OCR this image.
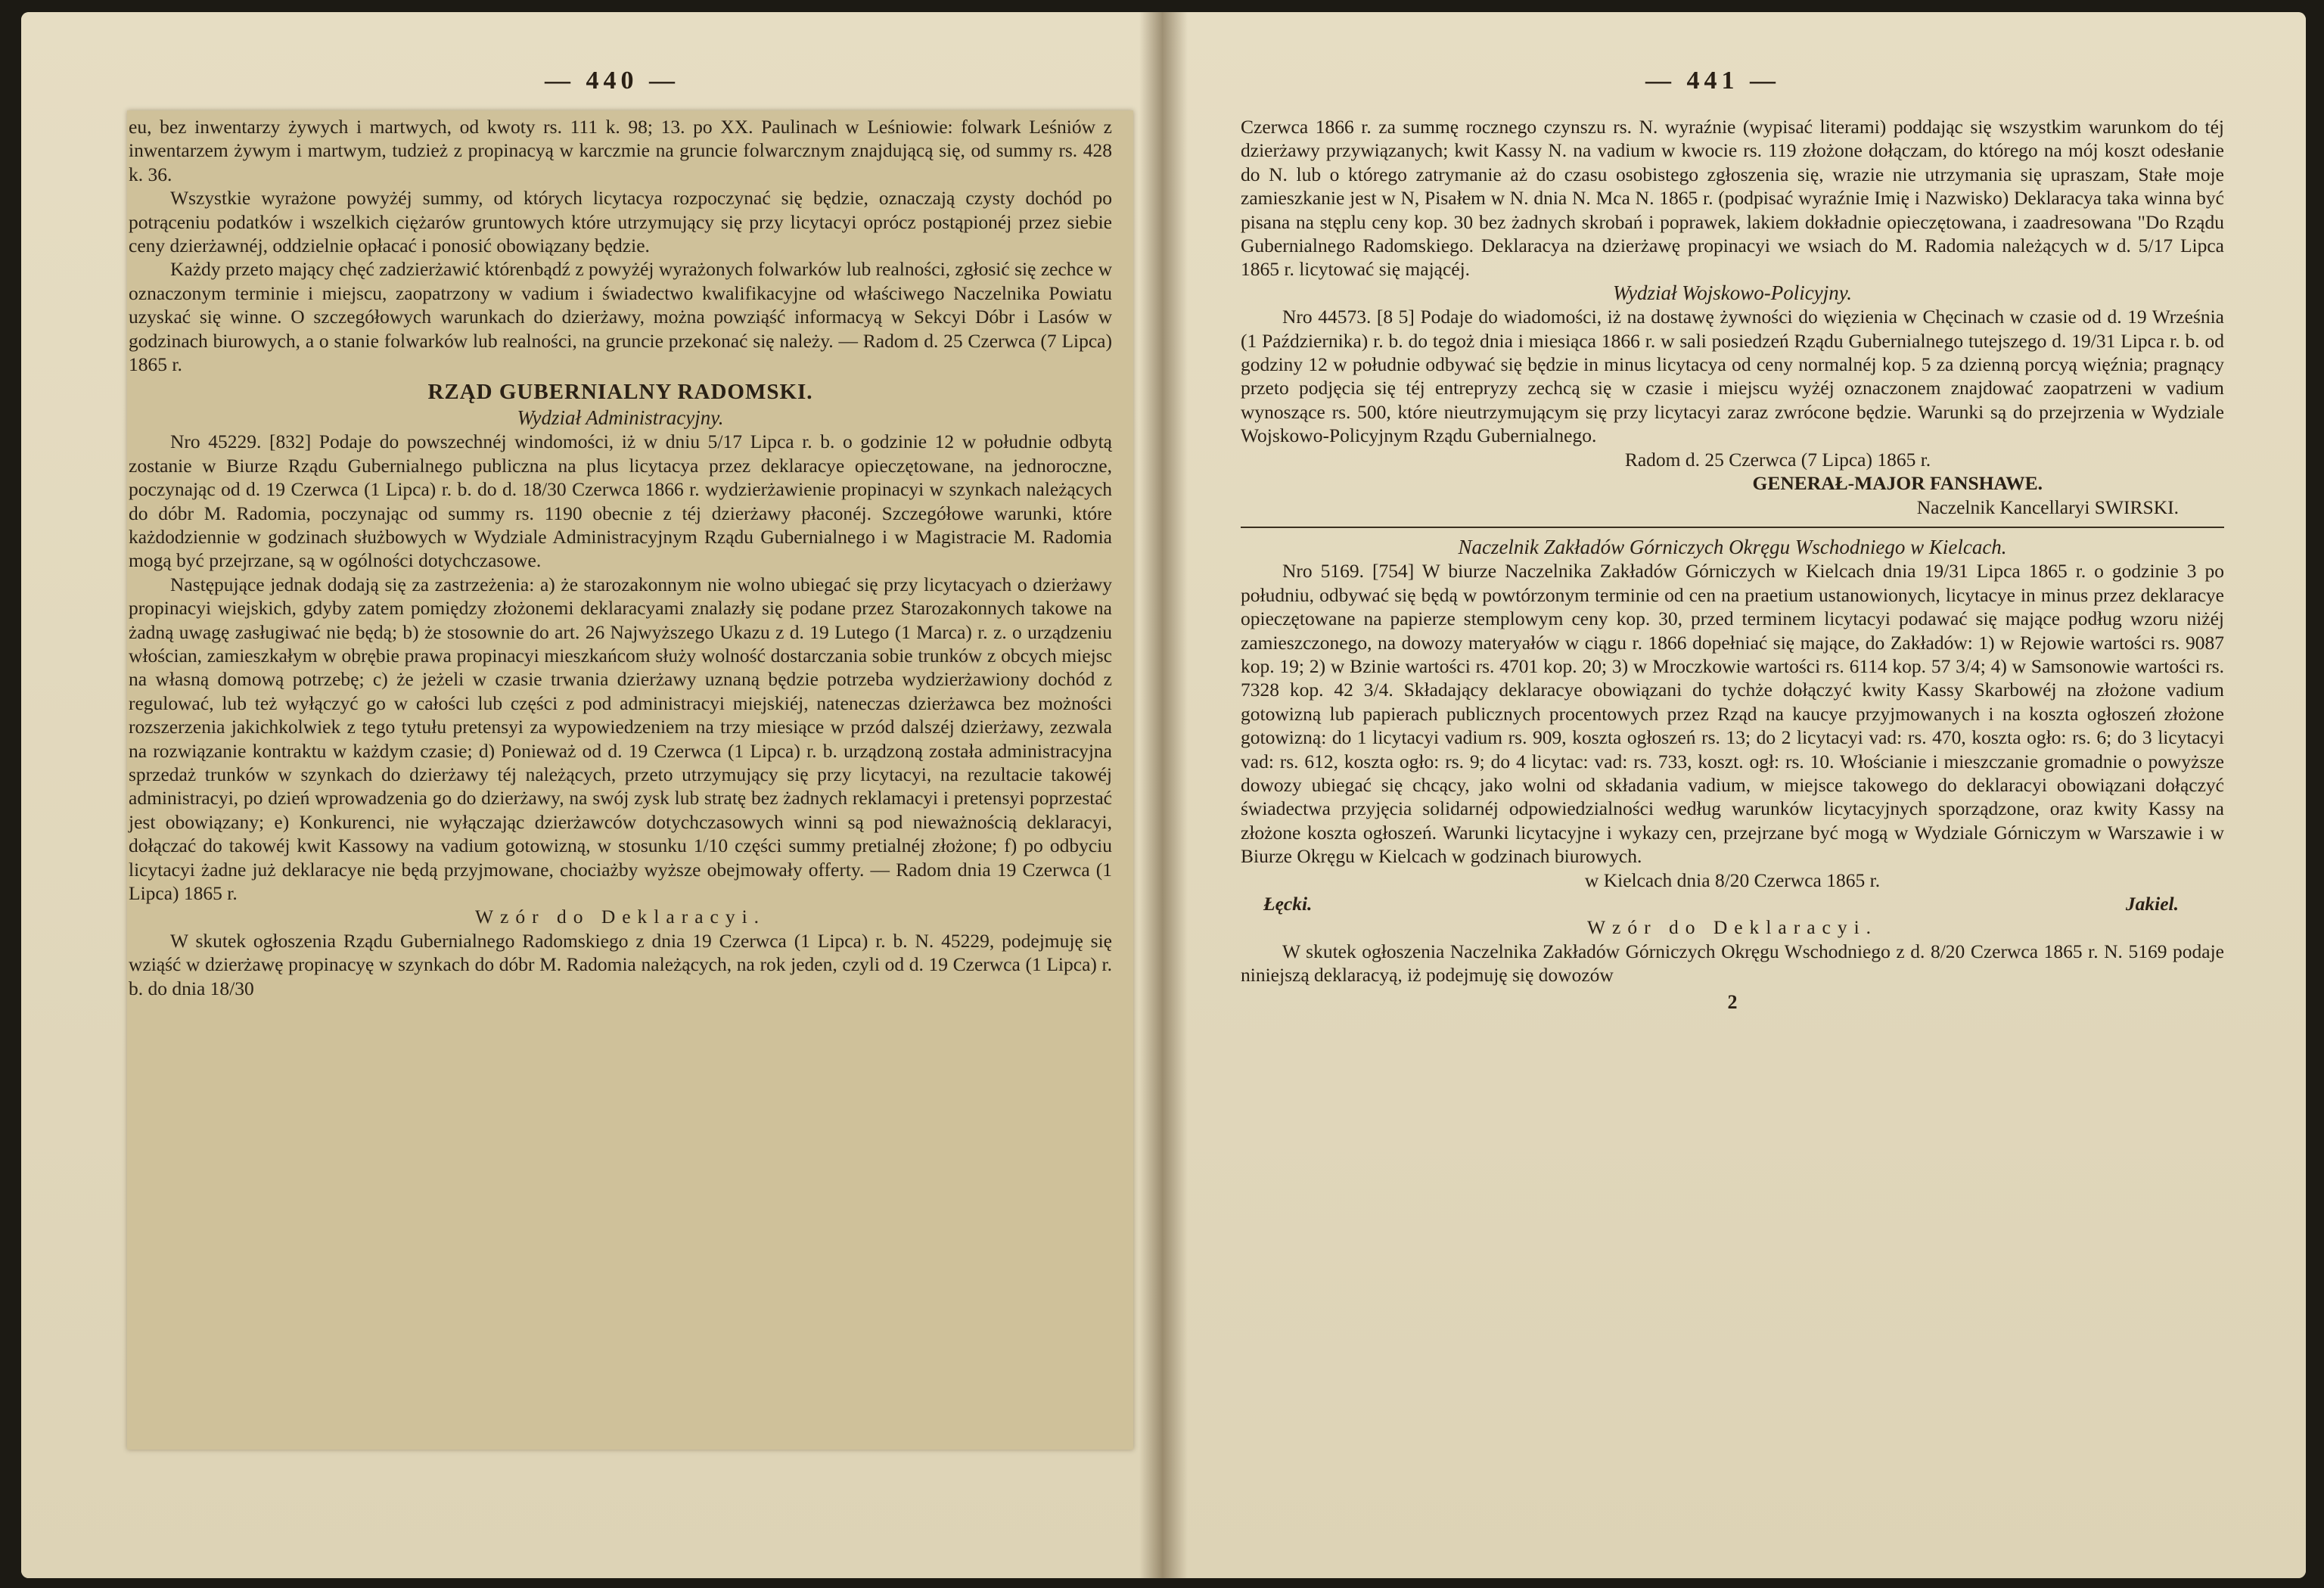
— 440 —	— 441 —

eu, bez inwentarzy żywych i martwych, od kwoty rs. 111 k. 98; 13. po XX. Paulinach w Leśniowie: folwark Leśniów z inwentarzem żywym i martwym, tudzież z propinacyą w karczmie na gruncie folwarcznym znajdującą się, od summy rs. 428 k. 36.

Wszystkie wyrażone powyżéj summy, od których licytacya rozpoczynać się będzie, oznaczają czysty dochód po potrąceniu podatków i wszelkich ciężarów gruntowych które utrzymujący się przy licytacyi oprócz postąpionéj przez siebie ceny dzierżawnéj, oddzielnie opłacać i ponosić obowiązany będzie.

Każdy przeto mający chęć zadzierżawić którenbądź z powyżéj wyrażonych folwarków lub realności, zgłosić się zechce w oznaczonym terminie i miejscu, zaopatrzony w vadium i świadectwo kwalifikacyjne od właściwego Naczelnika Powiatu uzyskać się winne. O szczegółowych warunkach do dzierżawy, można powziąść informacyą w Sekcyi Dóbr i Lasów w godzinach biurowych, a o stanie folwarków lub realności, na gruncie przekonać się należy. — Radom d. 25 Czerwca (7 Lipca) 1865 r.

RZĄD GUBERNIALNY RADOMSKI.
Wydział Administracyjny.

Nro 45229. [832] Podaje do powszechnéj windomości, iż w dniu 5/17 Lipca r. b. o godzinie 12 w południe odbytą zostanie w Biurze Rządu Gubernialnego publiczna na plus licytacya przez deklaracye opieczętowane, na jednoroczne, poczynając od d. 19 Czerwca (1 Lipca) r. b. do d. 18/30 Czerwca 1866 r. wydzierżawienie propinacyi w szynkach należących do dóbr M. Radomia, poczynając od summy rs. 1190 obecnie z téj dzierżawy płaconéj. Szczegółowe warunki, które każdodziennie w godzinach służbowych w Wydziale Administracyjnym Rządu Gubernialnego i w Magistracie M. Radomia mogą być przejrzane, są w ogólności dotychczasowe.

Następujące jednak dodają się za zastrzeżenia: a) że starozakonnym nie wolno ubiegać się przy licytacyach o dzierżawy propinacyi wiejskich, gdyby zatem pomiędzy złożonemi deklaracyami znalazły się podane przez Starozakonnych takowe na żadną uwagę zasługiwać nie będą; b) że stosownie do art. 26 Najwyższego Ukazu z d. 19 Lutego (1 Marca) r. z. o urządzeniu włościan, zamieszkałym w obrębie prawa propinacyi mieszkańcom służy wolność dostarczania sobie trunków z obcych miejsc na własną domową potrzebę; c) że jeżeli w czasie trwania dzierżawy uznaną będzie potrzeba wydzierżawiony dochód z regulować, lub też wyłączyć go w całości lub części z pod administracyi miejskiéj, nateneczas dzierżawca bez możności rozszerzenia jakichkolwiek z tego tytułu pretensyi za wypowiedzeniem na trzy miesiące w przód dalszéj dzierżawy, zezwala na rozwiązanie kontraktu w każdym czasie; d) Ponieważ od d. 19 Czerwca (1 Lipca) r. b. urządzoną została administracyjna sprzedaż trunków w szynkach do dzierżawy téj należących, przeto utrzymujący się przy licytacyi, na rezultacie takowéj administracyi, po dzień wprowadzenia go do dzierżawy, na swój zysk lub stratę bez żadnych reklamacyi i pretensyi poprzestać jest obowiązany; e) Konkurenci, nie wyłączając dzierżawców dotychczasowych winni są pod nieważnością deklaracyi, dołączać do takowéj kwit Kassowy na vadium gotowizną, w stosunku 1/10 części summy pretialnéj złożone; f) po odbyciu licytacyi żadne już deklaracye nie będą przyjmowane, chociażby wyższe obejmowały offerty. — Radom dnia 19 Czerwca (1 Lipca) 1865 r.

Wzór do Deklaracyi.

W skutek ogłoszenia Rządu Gubernialnego Radomskiego z dnia 19 Czerwca (1 Lipca) r. b. N. 45229, podejmuję się wziąść w dzierżawę propinacyę w szynkach do dóbr M. Radomia należących, na rok jeden, czyli od d. 19 Czerwca (1 Lipca) r. b. do dnia 18/30

Czerwca 1866 r. za summę rocznego czynszu rs. N. wyraźnie (wypisać literami) poddając się wszystkim warunkom do téj dzierżawy przywiązanych; kwit Kassy N. na vadium w kwocie rs. 119 złożone dołączam, do którego na mój koszt odesłanie do N. lub o którego zatrymanie aż do czasu osobistego zgłoszenia się, wrazie nie utrzymania się upraszam, Stałe moje zamieszkanie jest w N, Pisałem w N. dnia N. Mca N. 1865 r. (podpisać wyraźnie Imię i Nazwisko) Deklaracya taka winna być pisana na stęplu ceny kop. 30 bez żadnych skrobań i poprawek, lakiem dokładnie opieczętowana, i zaadresowana "Do Rządu Gubernialnego Radomskiego. Deklaracya na dzierżawę propinacyi we wsiach do M. Radomia należących w d. 5/17 Lipca 1865 r. licytować się mającéj.

Wydział Wojskowo-Policyjny.

Nro 44573. [8 5] Podaje do wiadomości, iż na dostawę żywności do więzienia w Chęcinach w czasie od d. 19 Września (1 Października) r. b. do tegoż dnia i miesiąca 1866 r. w sali posiedzeń Rządu Gubernialnego tutejszego d. 19/31 Lipca r. b. od godziny 12 w południe odbywać się będzie in minus licytacya od ceny normalnéj kop. 5 za dzienną porcyą więźnia; pragnący przeto podjęcia się téj entrepryzy zechcą się w czasie i miejscu wyżéj oznaczonem znajdować zaopatrzeni w vadium wynoszące rs. 500, które nieutrzymującym się przy licytacyi zaraz zwrócone będzie. Warunki są do przejrzenia w Wydziale Wojskowo-Policyjnym Rządu Gubernialnego.

Radom d. 25 Czerwca (7 Lipca) 1865 r.
GENERAŁ-MAJOR FANSHAWE.
Naczelnik Kancellaryi SWIRSKI.
Naczelnik Zakładów Górniczych Okręgu Wschodniego w Kielcach.

Nro 5169. [754] W biurze Naczelnika Zakładów Górniczych w Kielcach dnia 19/31 Lipca 1865 r. o godzinie 3 po południu, odbywać się będą w powtórzonym terminie od cen na praetium ustanowionych, licytacye in minus przez deklaracye opieczętowane na papierze stemplowym ceny kop. 30, przed terminem licytacyi podawać się mające podług wzoru niżéj zamieszczonego, na dowozy materyałów w ciągu r. 1866 dopełniać się mające, do Zakładów: 1) w Rejowie wartości rs. 9087 kop. 19; 2) w Bzinie wartości rs. 4701 kop. 20; 3) w Mroczkowie wartości rs. 6114 kop. 57 3/4; 4) w Samsonowie wartości rs. 7328 kop. 42 3/4. Składający deklaracye obowiązani do tychże dołączyć kwity Kassy Skarbowéj na złożone vadium gotowizną lub papierach publicznych procentowych przez Rząd na kaucye przyjmowanych i na koszta ogłoszeń złożone gotowizną: do 1 licytacyi vadium rs. 909, koszta ogłoszeń rs. 13; do 2 licytacyi vad: rs. 470, koszta ogło: rs. 6; do 3 licytacyi vad: rs. 612, koszta ogło: rs. 9; do 4 licytac: vad: rs. 733, koszt. ogł: rs. 10. Włościanie i mieszczanie gromadnie o powyższe dowozy ubiegać się chcący, jako wolni od składania vadium, w miejsce takowego do deklaracyi obowiązani dołączyć świadectwa przyjęcia solidarnéj odpowiedzialności według warunków licytacyjnych sporządzone, oraz kwity Kassy na złożone koszta ogłoszeń. Warunki licytacyjne i wykazy cen, przejrzane być mogą w Wydziale Górniczym w Warszawie i w Biurze Okręgu w Kielcach w godzinach biurowych.

w Kielcach dnia 8/20 Czerwca 1865 r.
Łęcki.	Jakiel.
Wzór do Deklaracyi.

W skutek ogłoszenia Naczelnika Zakładów Górniczych Okręgu Wschodniego z d. 8/20 Czerwca 1865 r. N. 5169 podaje niniejszą deklaracyą, iż podejmuję się dowozów

2
